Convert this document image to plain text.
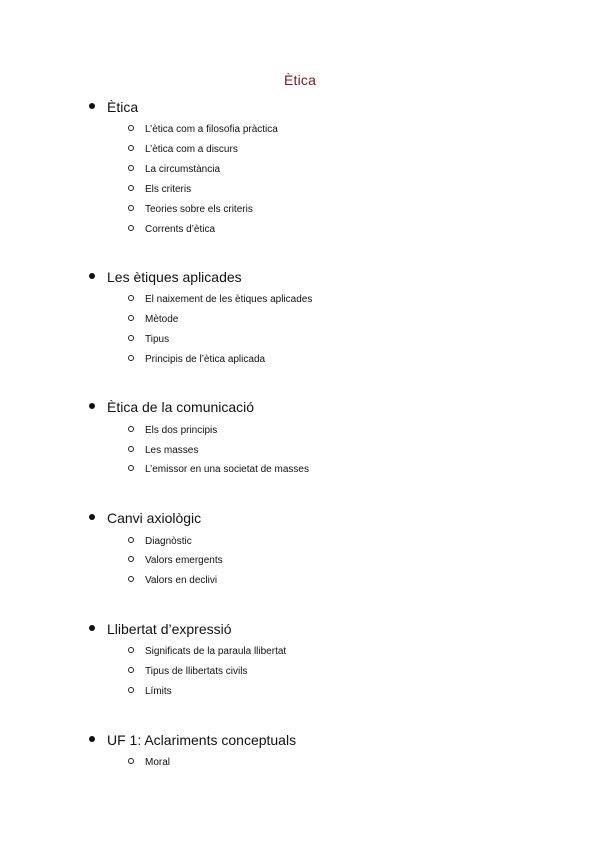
Ètica
Ètica
L’ètica com a filosofia pràctica
L’ètica com a discurs
La circumstància
Els criteris
Teories sobre els criteris
Corrents d’ètica
Les ètiques aplicades
El naixement de les ètiques aplicades
Mètode
Tipus
Principis de l’ètica aplicada
Ètica de la comunicació
Els dos principis
Les masses
L’emissor en una societat de masses
Canvi axiològic
Diagnòstic
Valors emergents
Valors en declivi
Llibertat d’expressió
Significats de la paraula llibertat
Tipus de llibertats civils
Límits
UF 1: Aclariments conceptuals
Moral
